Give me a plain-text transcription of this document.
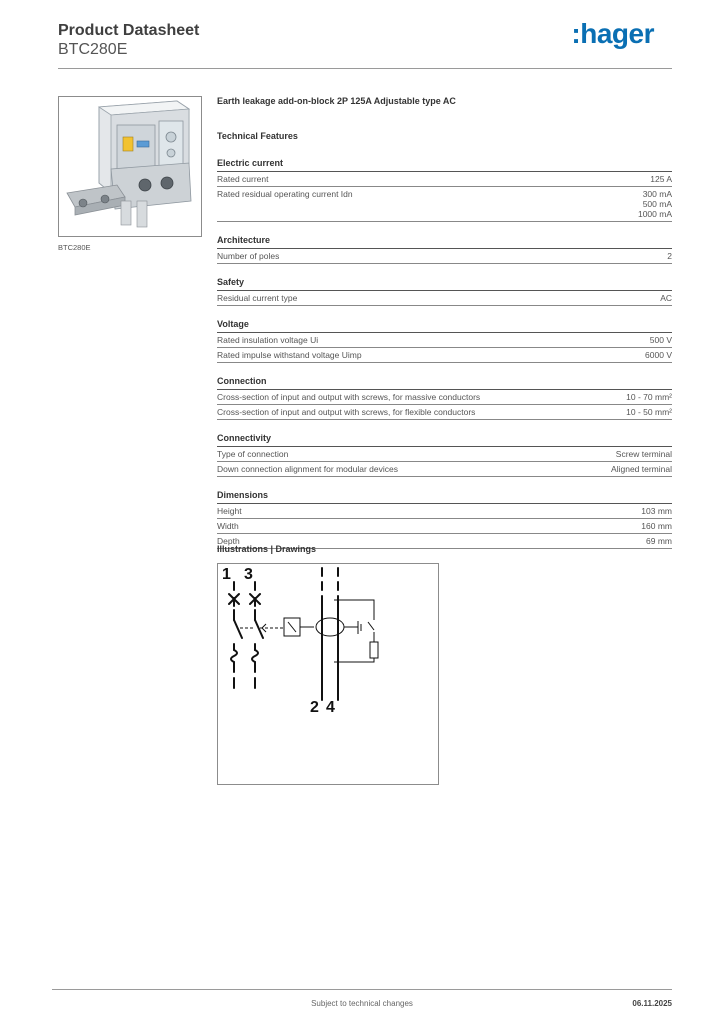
Product Datasheet
BTC280E
:hager
BTC280E
Earth leakage add-on-block 2P 125A Adjustable type AC
Technical Features
Electric current
Rated current	125 A
Rated residual operating current Idn	300 mA
500 mA
1000 mA
Architecture
Number of poles	2
Safety
Residual current type	AC
Voltage
Rated insulation voltage Ui	500 V
Rated impulse withstand voltage Uimp	6000 V
Connection
Cross-section of input and output with screws, for massive conductors	10 - 70 mm²
Cross-section of input and output with screws, for flexible conductors	10 - 50 mm²
Connectivity
Type of connection	Screw terminal
Down connection alignment for modular devices	Aligned terminal
Dimensions
Height	103 mm
Width	160 mm
Depth	69 mm
Illustrations | Drawings
1 3
2 4
Subject to technical changes	06.11.2025
